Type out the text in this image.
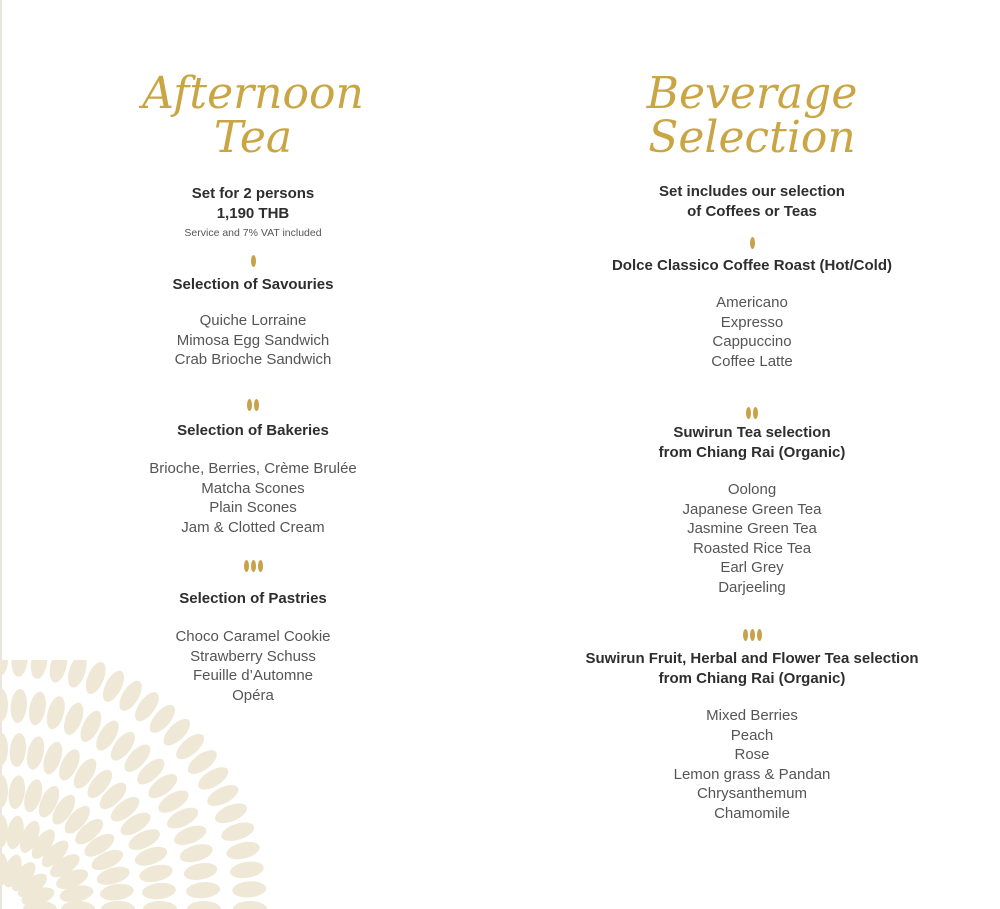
Afternoon Tea
Set for 2 persons
1,190 THB
Service and 7% VAT included
Selection of Savouries
Quiche Lorraine
Mimosa Egg Sandwich
Crab Brioche Sandwich
Selection of Bakeries
Brioche, Berries, Crème Brulée
Matcha Scones
Plain Scones
Jam & Clotted Cream
Selection of Pastries
Choco Caramel Cookie
Strawberry Schuss
Feuille d’Automne
Opéra
Beverage Selection
Set includes our selection
of Coffees or Teas
Dolce Classico Coffee Roast (Hot/Cold)
Americano
Expresso
Cappuccino
Coffee Latte
Suwirun Tea selection
from Chiang Rai (Organic)
Oolong
Japanese Green Tea
Jasmine Green Tea
Roasted Rice Tea
Earl Grey
Darjeeling
Suwirun Fruit, Herbal and Flower Tea selection
from Chiang Rai (Organic)
Mixed Berries
Peach
Rose
Lemon grass & Pandan
Chrysanthemum
Chamomile
